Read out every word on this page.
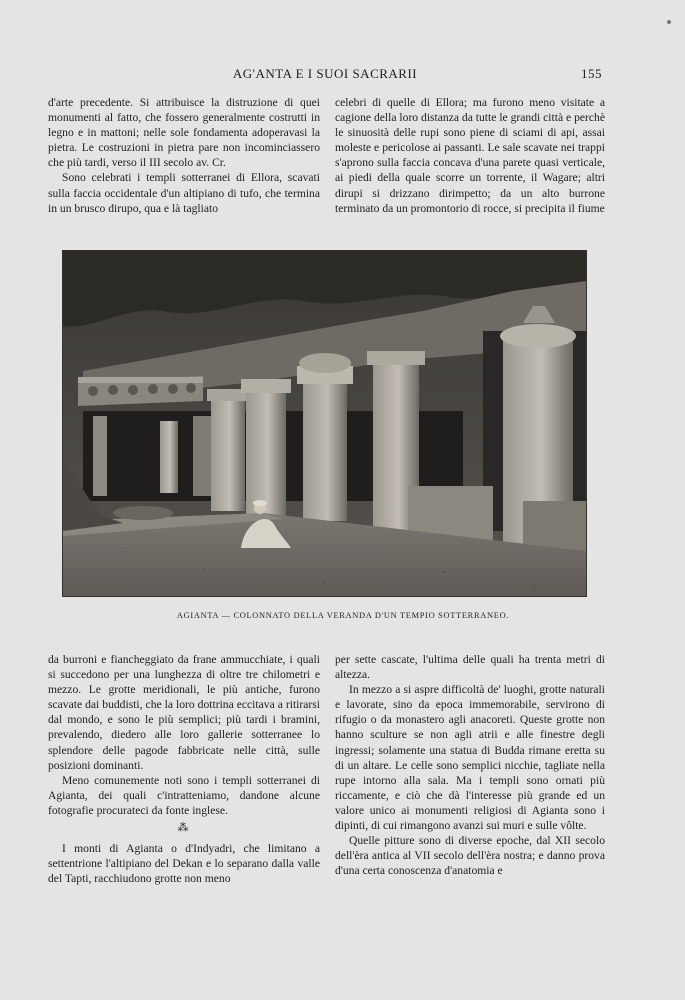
AG'ANTA E I SUOI SACRARII	155

d'arte precedente. Si attribuisce la distruzione di quei monumenti al fatto, che fossero generalmente costrutti in legno e in mattoni; nelle sole fondamenta adoperavasi la pietra. Le costruzioni in pietra pare non incominciassero che più tardi, verso il III secolo av. Cr.

Sono celebrati i templi sotterranei di Ellora, scavati sulla faccia occidentale d'un altipiano di tufo, che termina in un brusco dirupo, qua e là tagliato

celebri di quelle di Ellora; ma furono meno visitate a cagione della loro distanza da tutte le grandi città e perchè le sinuosità delle rupi sono piene di sciami di api, assai moleste e pericolose ai passanti. Le sale scavate nei trappi s'aprono sulla faccia concava d'una parete quasi verticale, ai piedi della quale scorre un torrente, il Wagare; altri dirupi si drizzano dirimpetto; da un alto burrone terminato da un promontorio di rocce, si precipita il fiume

AGIANTA — COLONNATO DELLA VERANDA D'UN TEMPIO SOTTERRANEO.

da burroni e fiancheggiato da frane ammucchiate, i quali si succedono per una lunghezza di oltre tre chilometri e mezzo. Le grotte meridionali, le più antiche, furono scavate dai buddisti, che la loro dottrina eccitava a ritirarsi dal mondo, e sono le più semplici; più tardi i bramini, prevalendo, diedero alle loro gallerie sotterranee lo splendore delle pagode fabbricate nelle città, sulle posizioni dominanti.

Meno comunemente noti sono i templi sotterranei di Agianta, dei quali c'intratteniamo, dandone alcune fotografie procurateci da fonte inglese.

⁂

I monti di Agianta o d'Indyadri, che limitano a settentrione l'altipiano del Dekan e lo separano dalla valle del Tapti, racchiudono grotte non meno

per sette cascate, l'ultima delle quali ha trenta metri di altezza.

In mezzo a si aspre difficoltà de' luoghi, grotte naturali e lavorate, sino da epoca immemorabile, servirono di rifugio o da monastero agli anacoreti. Queste grotte non hanno sculture se non agli atrii e alle finestre degli ingressi; solamente una statua di Budda rimane eretta su di un altare. Le celle sono semplici nicchie, tagliate nella rupe intorno alla sala. Ma i templi sono ornati più riccamente, e ciò che dà l'interesse più grande ed un valore unico ai monumenti religiosi di Agianta sono i dipinti, di cui rimangono avanzi sui muri e sulle vôlte.

Quelle pitture sono di diverse epoche, dal XII secolo dell'èra antica al VII secolo dell'èra nostra; e danno prova d'una certa conoscenza d'anatomia e
